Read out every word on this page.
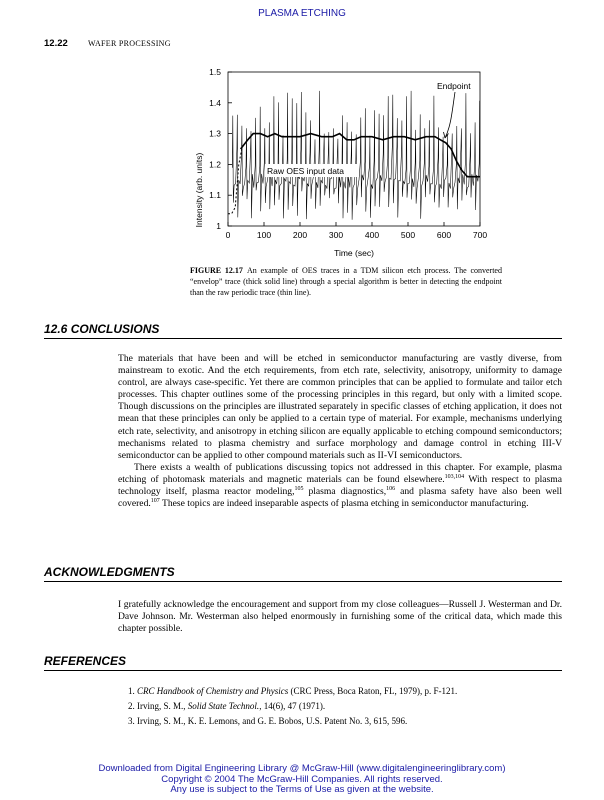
PLASMA ETCHING
12.22	WAFER PROCESSING
Intensity (arb. units)
Time (sec)
1
1.1
1.2
1.3
1.4
1.5
0	100	200	300	400	500	600	700
Endpoint
Raw OES input data
FIGURE 12.17 An example of OES traces in a TDM silicon etch process. The converted “envelop” trace (thick solid line) through a special algorithm is better in detecting the endpoint than the raw periodic trace (thin line).
12.6 CONCLUSIONS

The materials that have been and will be etched in semiconductor manufacturing are vastly diverse, from mainstream to exotic. And the etch requirements, from etch rate, selectivity, anisotropy, uniformity to damage control, are always case-specific. Yet there are common principles that can be applied to formulate and tailor etch processes. This chapter outlines some of the processing principles in this regard, but only with a limited scope. Though discussions on the principles are illustrated separately in specific classes of etching application, it does not mean that these principles can only be applied to a certain type of material. For example, mechanisms underlying etch rate, selectivity, and anisotropy in etching silicon are equally applicable to etching compound semiconductors; mechanisms related to plasma chemistry and surface morphology and damage control in etching III-V semiconductor can be applied to other compound materials such as II-VI semiconductors.

There exists a wealth of publications discussing topics not addressed in this chapter. For example, plasma etching of photomask materials and magnetic materials can be found elsewhere.$^{103,104}$ With respect to plasma technology itself, plasma reactor modeling,$^{105}$ plasma diagnostics,$^{106}$ and plasma safety have also been well covered.$^{107}$ These topics are indeed inseparable aspects of plasma etching in semiconductor manufacturing.

ACKNOWLEDGMENTS

I gratefully acknowledge the encouragement and support from my close colleagues—Russell J. Westerman and Dr. Dave Johnson. Mr. Westerman also helped enormously in furnishing some of the critical data, which made this chapter possible.

REFERENCES
1. CRC Handbook of Chemistry and Physics (CRC Press, Boca Raton, FL, 1979), p. F-121.
2. Irving, S. M., Solid State Technol., 14(6), 47 (1971).
3. Irving, S. M., K. E. Lemons, and G. E. Bobos, U.S. Patent No. 3, 615, 596.
Downloaded from Digital Engineering Library @ McGraw-Hill (www.digitalengineeringlibrary.com)
Copyright © 2004 The McGraw-Hill Companies. All rights reserved.
Any use is subject to the Terms of Use as given at the website.
